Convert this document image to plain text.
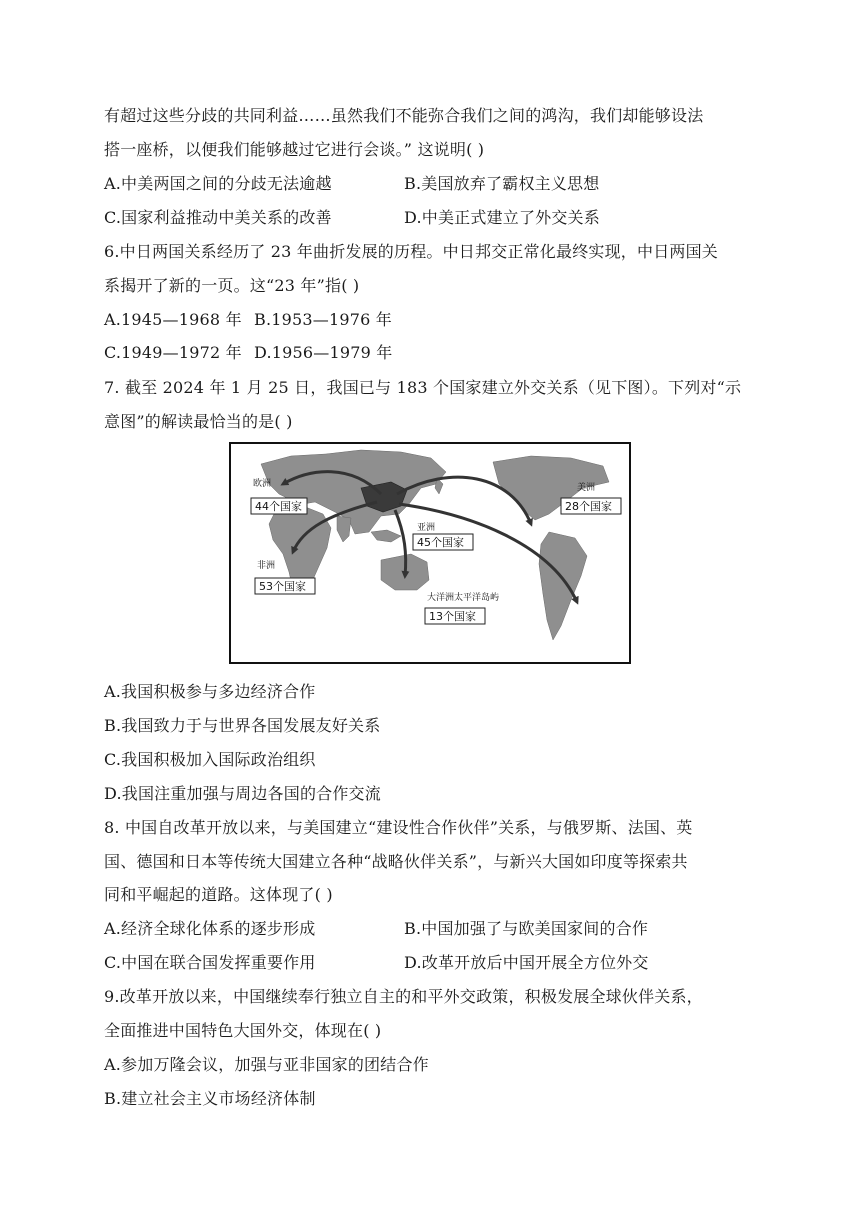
有超过这些分歧的共同利益……虽然我们不能弥合我们之间的鸿沟，我们却能够设法
搭一座桥，以便我们能够越过它进行会谈。” 这说明( )
A.中美两国之间的分歧无法逾越	B.美国放弃了霸权主义思想
C.国家利益推动中美关系的改善	D.中美正式建立了外交关系
6.中日两国关系经历了 23 年曲折发展的历程。中日邦交正常化最终实现，中日两国关
系揭开了新的一页。这“23 年”指( )
A.1945—1968 年 B.1953—1976 年
C.1949—1972 年 D.1956—1979 年
7. 截至 2024 年 1 月 25 日，我国已与 183 个国家建立外交关系（见下图）。下列对“示
意图”的解读最恰当的是( )
欧洲
44个国家
美洲
28个国家
亚洲
45个国家
非洲
53个国家
大洋洲太平洋岛屿
13个国家
A.我国积极参与多边经济合作
B.我国致力于与世界各国发展友好关系
C.我国积极加入国际政治组织
D.我国注重加强与周边各国的合作交流
8. 中国自改革开放以来，与美国建立“建设性合作伙伴”关系，与俄罗斯、法国、英
国、德国和日本等传统大国建立各种“战略伙伴关系”，与新兴大国如印度等探索共
同和平崛起的道路。这体现了( )
A.经济全球化体系的逐步形成	B.中国加强了与欧美国家间的合作
C.中国在联合国发挥重要作用	D.改革开放后中国开展全方位外交
9.改革开放以来，中国继续奉行独立自主的和平外交政策，积极发展全球伙伴关系，
全面推进中国特色大国外交，体现在( )
A.参加万隆会议，加强与亚非国家的团结合作
B.建立社会主义市场经济体制
